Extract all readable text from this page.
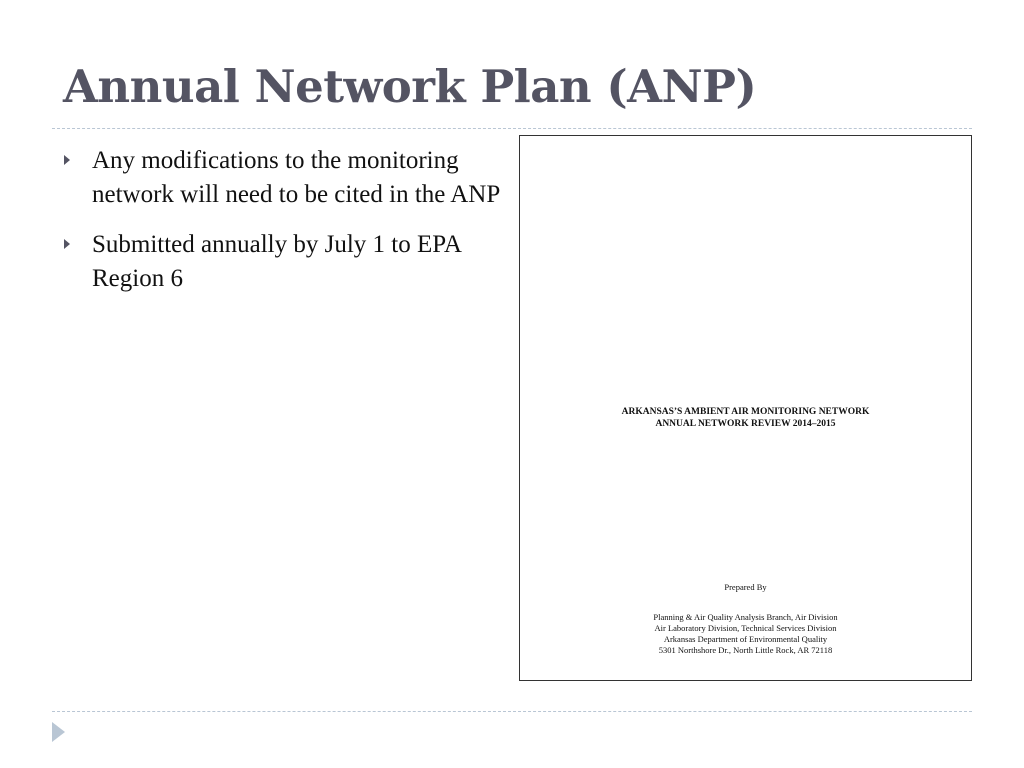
Annual Network Plan (ANP)
Any modifications to the monitoring network will need to be cited in the ANP
Submitted annually by July 1 to EPA Region 6
ARKANSAS’S AMBIENT AIR MONITORING NETWORK
ANNUAL NETWORK REVIEW 2014–2015
Prepared By
Planning & Air Quality Analysis Branch, Air Division
Air Laboratory Division, Technical Services Division
Arkansas Department of Environmental Quality
5301 Northshore Dr., North Little Rock, AR 72118
